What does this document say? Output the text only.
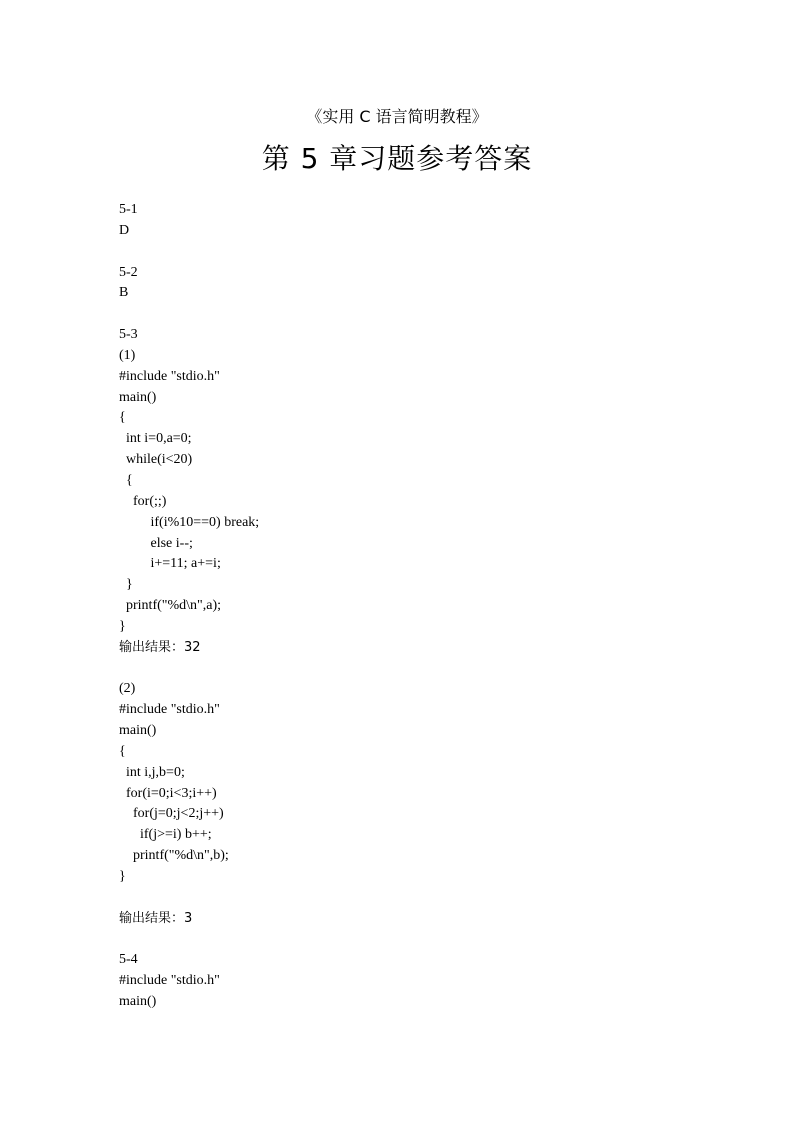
《实用 C 语言简明教程》
第 5 章习题参考答案
5-1
D
5-2
B
5-3
(1)
#include "stdio.h"
main()
{
int i=0,a=0;
while(i<20)
{
for(;;)
if(i%10==0) break;
else i--;
i+=11; a+=i;
}
printf("%d\n",a);
}
输出结果：32
(2)
#include "stdio.h"
main()
{
int i,j,b=0;
for(i=0;i<3;i++)
for(j=0;j<2;j++)
if(j>=i) b++;
printf("%d\n",b);
}
输出结果：3
5-4
#include "stdio.h"
main()
